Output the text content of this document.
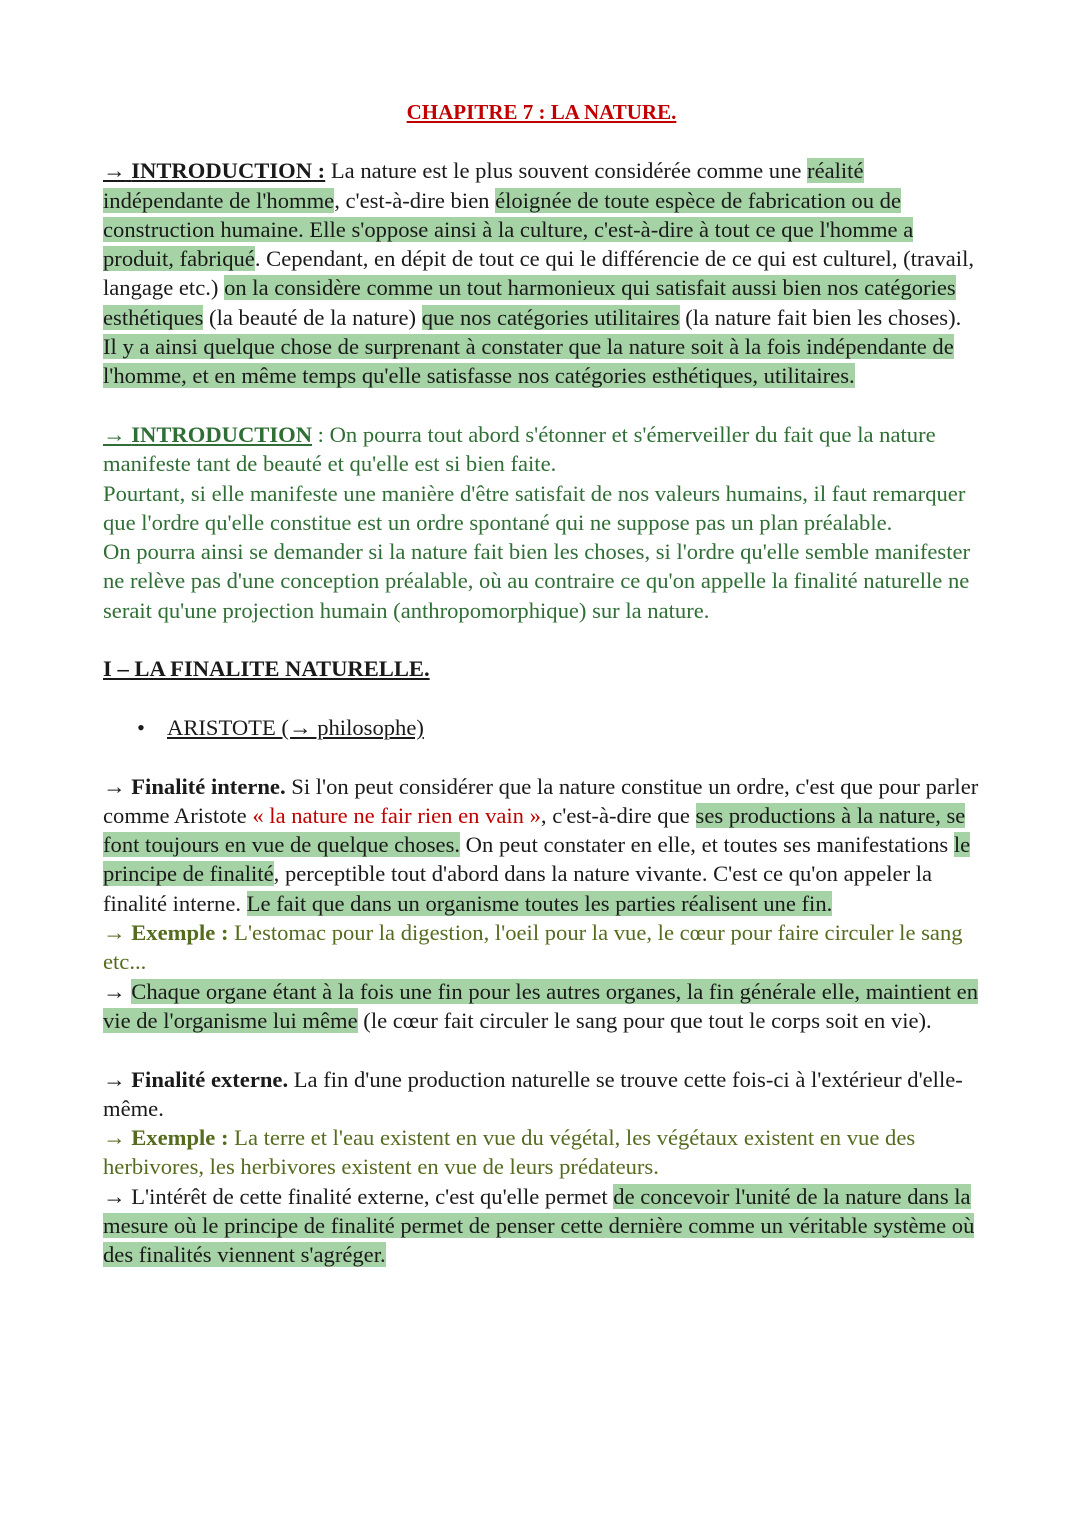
CHAPITRE 7 : LA NATURE.

→ INTRODUCTION : La nature est le plus souvent considérée comme une réalité indépendante de l'homme, c'est-à-dire bien éloignée de toute espèce de fabrication ou de construction humaine. Elle s'oppose ainsi à la culture, c'est-à-dire à tout ce que l'homme a produit, fabriqué. Cependant, en dépit de tout ce qui le différencie de ce qui est culturel, (travail, langage etc.) on la considère comme un tout harmonieux qui satisfait aussi bien nos catégories esthétiques (la beauté de la nature) que nos catégories utilitaires (la nature fait bien les choses). Il y a ainsi quelque chose de surprenant à constater que la nature soit à la fois indépendante de l'homme, et en même temps qu'elle satisfasse nos catégories esthétiques, utilitaires.

→ INTRODUCTION : On pourra tout abord s'étonner et s'émerveiller du fait que la nature manifeste tant de beauté et qu'elle est si bien faite.

Pourtant, si elle manifeste une manière d'être satisfait de nos valeurs humains, il faut remarquer que l'ordre qu'elle constitue est un ordre spontané qui ne suppose pas un plan préalable.

On pourra ainsi se demander si la nature fait bien les choses, si l'ordre qu'elle semble manifester ne relève pas d'une conception préalable, où au contraire ce qu'on appelle la finalité naturelle ne serait qu'une projection humain (anthropomorphique) sur la nature.

I – LA FINALITE NATURELLE.

• ARISTOTE (→ philosophe)

→ Finalité interne. Si l'on peut considérer que la nature constitue un ordre, c'est que pour parler comme Aristote « la nature ne fair rien en vain », c'est-à-dire que ses productions à la nature, se font toujours en vue de quelque choses. On peut constater en elle, et toutes ses manifestations le principe de finalité, perceptible tout d'abord dans la nature vivante. C'est ce qu'on appeler la finalité interne. Le fait que dans un organisme toutes les parties réalisent une fin.

→ Exemple : L'estomac pour la digestion, l'oeil pour la vue, le cœur pour faire circuler le sang etc...

→ Chaque organe étant à la fois une fin pour les autres organes, la fin générale elle, maintient en vie de l'organisme lui même (le cœur fait circuler le sang pour que tout le corps soit en vie).

→ Finalité externe. La fin d'une production naturelle se trouve cette fois-ci à l'extérieur d'elle-même.

→ Exemple : La terre et l'eau existent en vue du végétal, les végétaux existent en vue des herbivores, les herbivores existent en vue de leurs prédateurs.

→ L'intérêt de cette finalité externe, c'est qu'elle permet de concevoir l'unité de la nature dans la mesure où le principe de finalité permet de penser cette dernière comme un véritable système où des finalités viennent s'agréger.
